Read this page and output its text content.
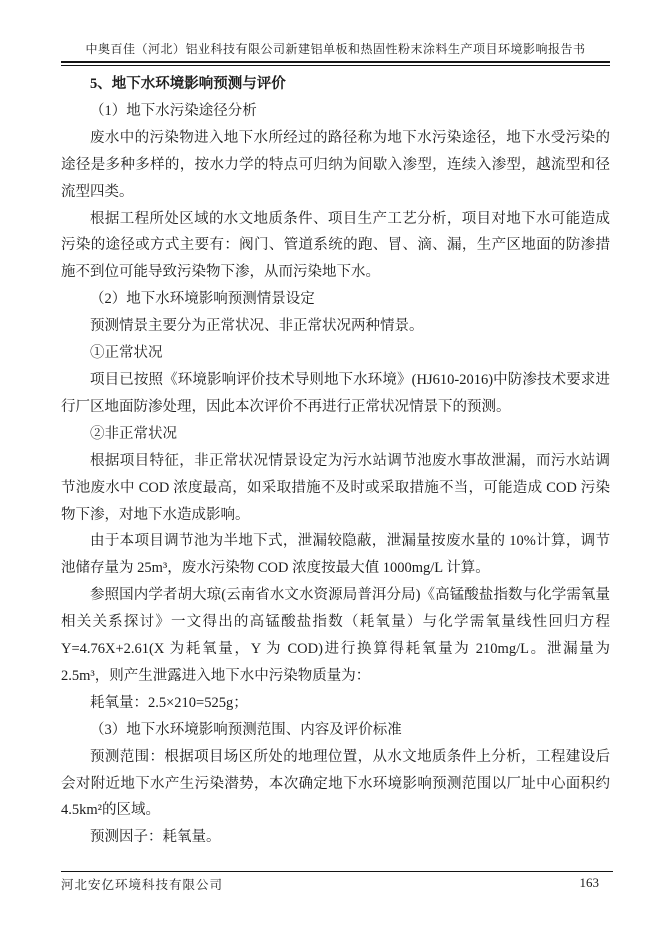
中奥百佳（河北）铝业科技有限公司新建铝单板和热固性粉末涂料生产项目环境影响报告书

5、地下水环境影响预测与评价

（1）地下水污染途径分析

废水中的污染物进入地下水所经过的路径称为地下水污染途径，地下水受污染的途径是多种多样的，按水力学的特点可归纳为间歇入渗型，连续入渗型，越流型和径流型四类。

根据工程所处区域的水文地质条件、项目生产工艺分析，项目对地下水可能造成污染的途径或方式主要有：阀门、管道系统的跑、冒、滴、漏，生产区地面的防渗措施不到位可能导致污染物下渗，从而污染地下水。

（2）地下水环境影响预测情景设定

预测情景主要分为正常状况、非正常状况两种情景。

①正常状况

项目已按照《环境影响评价技术导则地下水环境》(HJ610-2016)中防渗技术要求进行厂区地面防渗处理，因此本次评价不再进行正常状况情景下的预测。

②非正常状况

根据项目特征，非正常状况情景设定为污水站调节池废水事故泄漏，而污水站调节池废水中 COD 浓度最高，如采取措施不及时或采取措施不当，可能造成 COD 污染物下渗，对地下水造成影响。

由于本项目调节池为半地下式，泄漏较隐蔽，泄漏量按废水量的 10%计算，调节池储存量为 25m³，废水污染物 COD 浓度按最大值 1000mg/L 计算。

参照国内学者胡大琼(云南省水文水资源局普洱分局)《高锰酸盐指数与化学需氧量相关关系探讨》一文得出的高锰酸盐指数（耗氧量）与化学需氧量线性回归方程 Y=4.76X+2.61(X 为耗氧量，Y 为 COD)进行换算得耗氧量为 210mg/L。泄漏量为 2.5m³，则产生泄露进入地下水中污染物质量为：

耗氧量：2.5×210=525g；

（3）地下水环境影响预测范围、内容及评价标准

预测范围：根据项目场区所处的地理位置，从水文地质条件上分析，工程建设后会对附近地下水产生污染潜势，本次确定地下水环境影响预测范围以厂址中心面积约4.5km²的区域。

预测因子：耗氧量。

河北安亿环境科技有限公司	163
